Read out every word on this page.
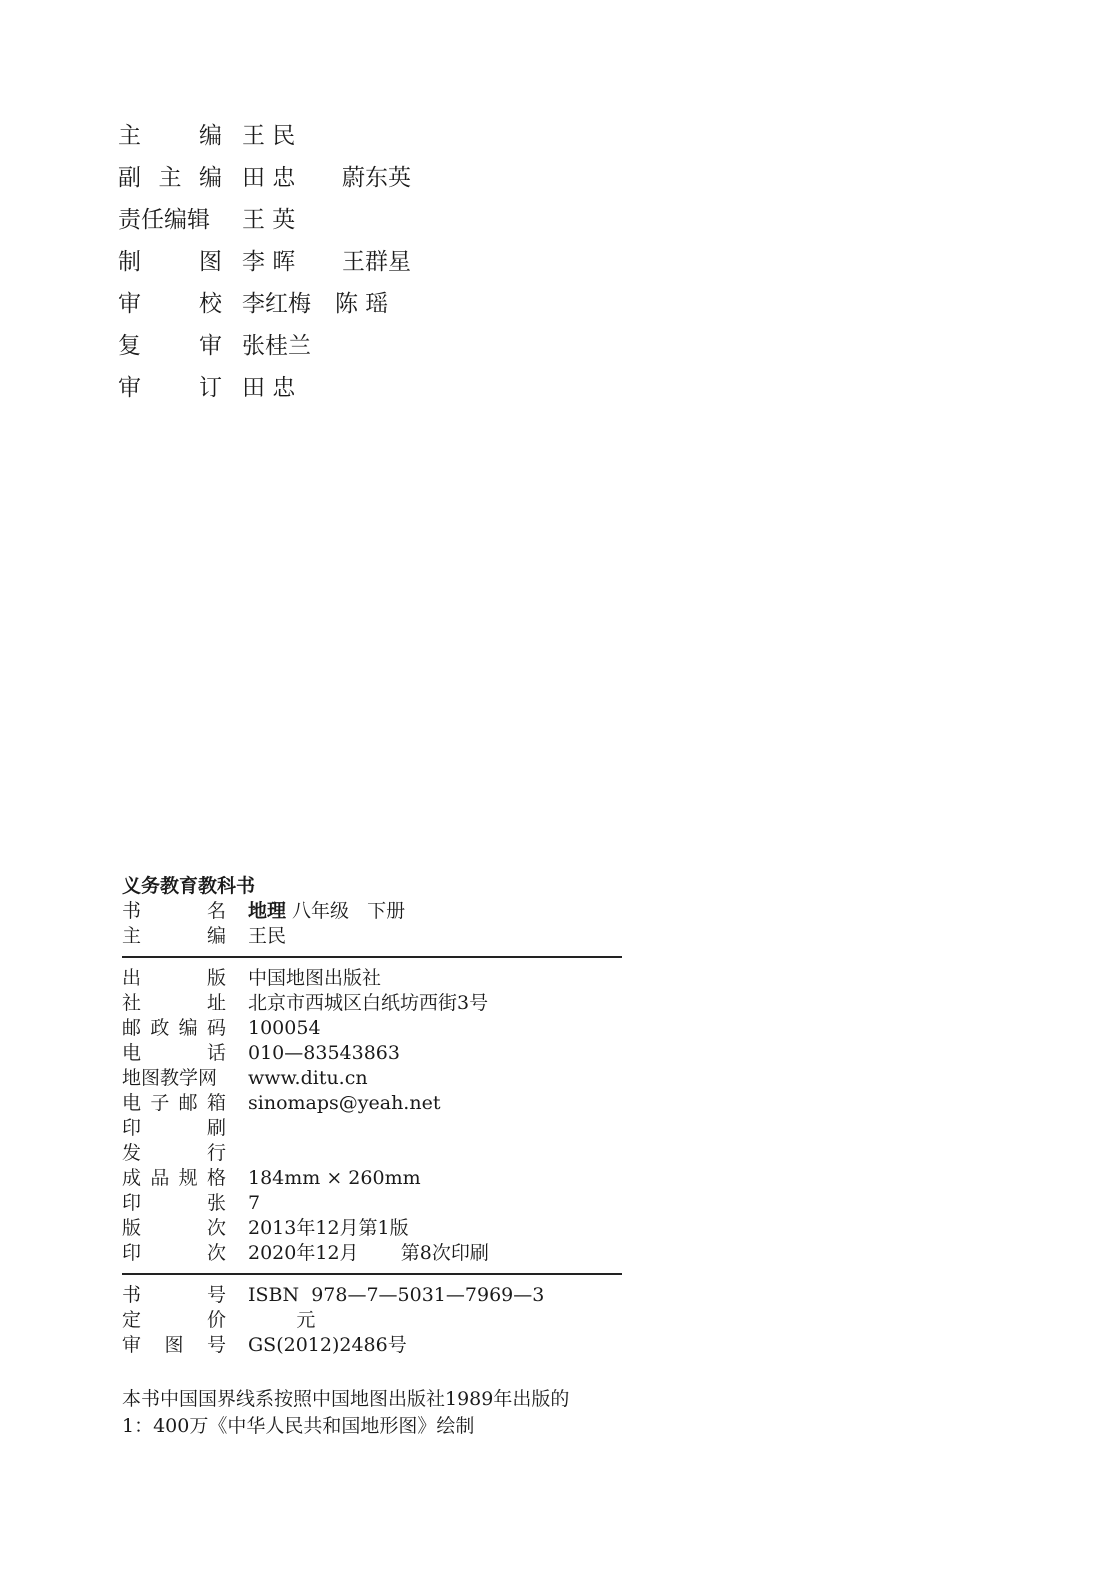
主	编 王 民
副 主 编 田 忠	蔚东英
责任编辑 王 英
制	图 李 晖	王群星
审	校 李红梅 陈 瑶
复	审 张桂兰
审	订 田 忠
义务教育教科书
书	名 地理 八年级   下册
主	编 王民
出	版 中国地图出版社
社	址 北京市西城区白纸坊西街3号
邮 政 编 码 100054
电	话 010—83543863
地图教学网 www.ditu.cn
电 子 邮 箱 sinomaps@yeah.net
印	刷
发	行
成 品 规 格 184mm × 260mm
印	张 7
版	次 2013年12月第1版
印	次 2020年12月       第8次印刷
书	号 ISBN  978—7—5031—7969—3
定	价 元
审 图 号 GS(2012)2486号
本书中国国界线系按照中国地图出版社1989年出版的
1：400万《中华人民共和国地形图》绘制
